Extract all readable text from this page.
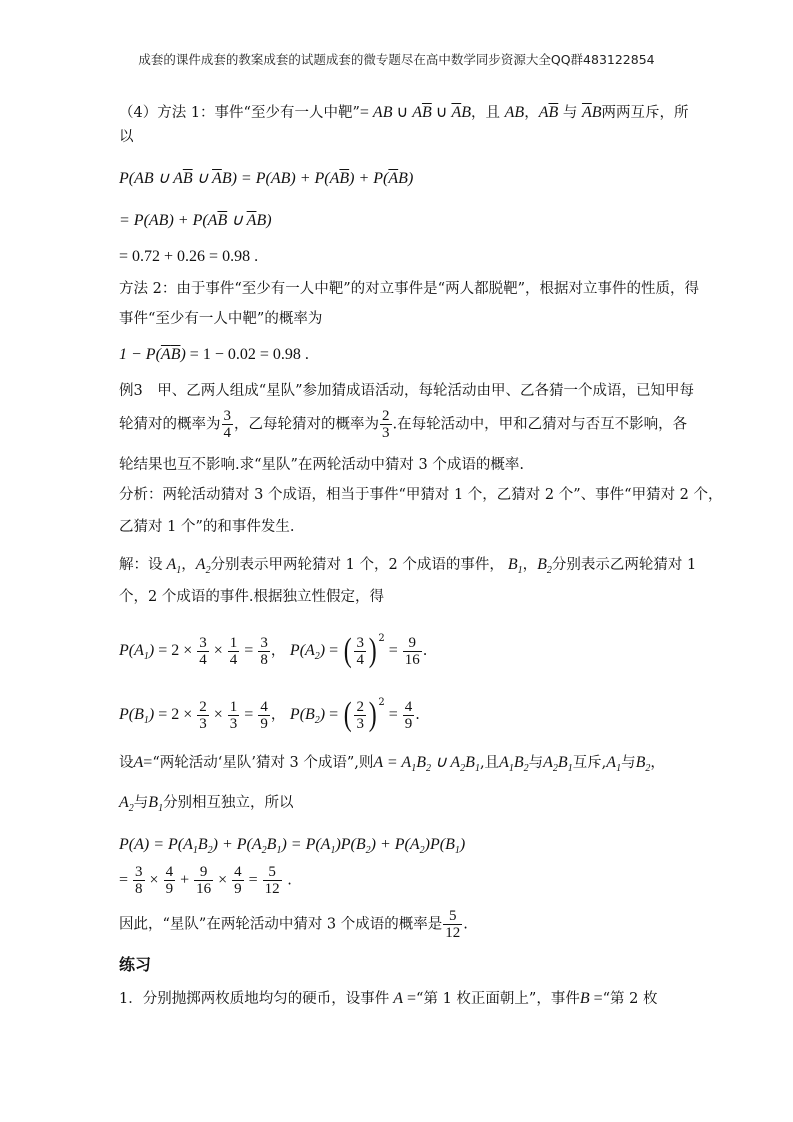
成套的课件成套的教案成套的试题成套的微专题尽在高中数学同步资源大全QQ群483122854
（4）方法 1：事件“至少有一人中靶”= AB ∪ $A\overline{B}$ ∪ $\overline{A}B$，且 AB，$A\overline{B}$ 与 $\overline{A}B$两两互斥，所
以
P(AB ∪ $A\overline{B}$ ∪ $\overline{A}B) = P(AB) + P(A\overline{B}) + P(\overline{A}B)$
= $P(AB) + P(A\overline{B}$ ∪ $\overline{A}B$)
= 0.72 + 0.26 = 0.98 .
方法 2：由于事件“至少有一人中靶”的对立事件是“两人都脱靶”，根据对立事件的性质，得
事件“至少有一人中靶”的概率为
$1 - P(\overline{A}\overline{B}) = 1 - 0.02 = 0.98$ .
例3　甲、乙两人组成“星队”参加猜成语活动，每轮活动由甲、乙各猜一个成语，已知甲每
轮猜对的概率为 $\frac{3}{4}$ ，乙每轮猜对的概率为 $\frac{2}{3}$ .在每轮活动中，甲和乙猜对与否互不影响，各
轮结果也互不影响.求“星队”在两轮活动中猜对 3 个成语的概率.
分析：两轮活动猜对 3 个成语，相当于事件“甲猜对 1 个，乙猜对 2 个”、事件“甲猜对 2 个，
乙猜对 1 个”的和事件发生.
解：设 $A_1$，$A_2$分别表示甲两轮猜对 1 个，2 个成语的事件， $B_1$，$B_2$分别表示乙两轮猜对 1
个，2 个成语的事件.根据独立性假定，得
$P(A_1) = 2 \times \frac{3}{4} \times \frac{1}{4} = \frac{3}{8}$ ， $P(A_2)$ = ( $\frac{3}{4}$ ) $^2 = \frac{9}{16}$ .
$P(B_1) = 2 \times \frac{2}{3} \times \frac{1}{3} = \frac{4}{9}$ ， $P(B_2)$ = ( $\frac{2}{3}$ ) $^2 = \frac{4}{9}$ .
设A=“两轮活动‘星队’猜对 3 个成语”,则$A = A_1B_2$ ∪ $A_2B_1$,且$A_1B_2$与$A_2B_1$互斥$,A_1$与$B_2$，
$A_2$与$B_1$分别相互独立，所以
$P(A) = P(A_1B_2) + P(A_2B_1) = P(A_1)P(B_2) + P(A_2)P(B_1)$
= $\frac{3}{8} \times \frac{4}{9} + \frac{9}{16} \times \frac{4}{9} = \frac{5}{12}$ .
因此，“星队”在两轮活动中猜对 3 个成语的概率是 $\frac{5}{12}$ .
练习
1．分别抛掷两枚质地均匀的硬币，设事件 A =“第 1 枚正面朝上”，事件B =“第 2 枚
